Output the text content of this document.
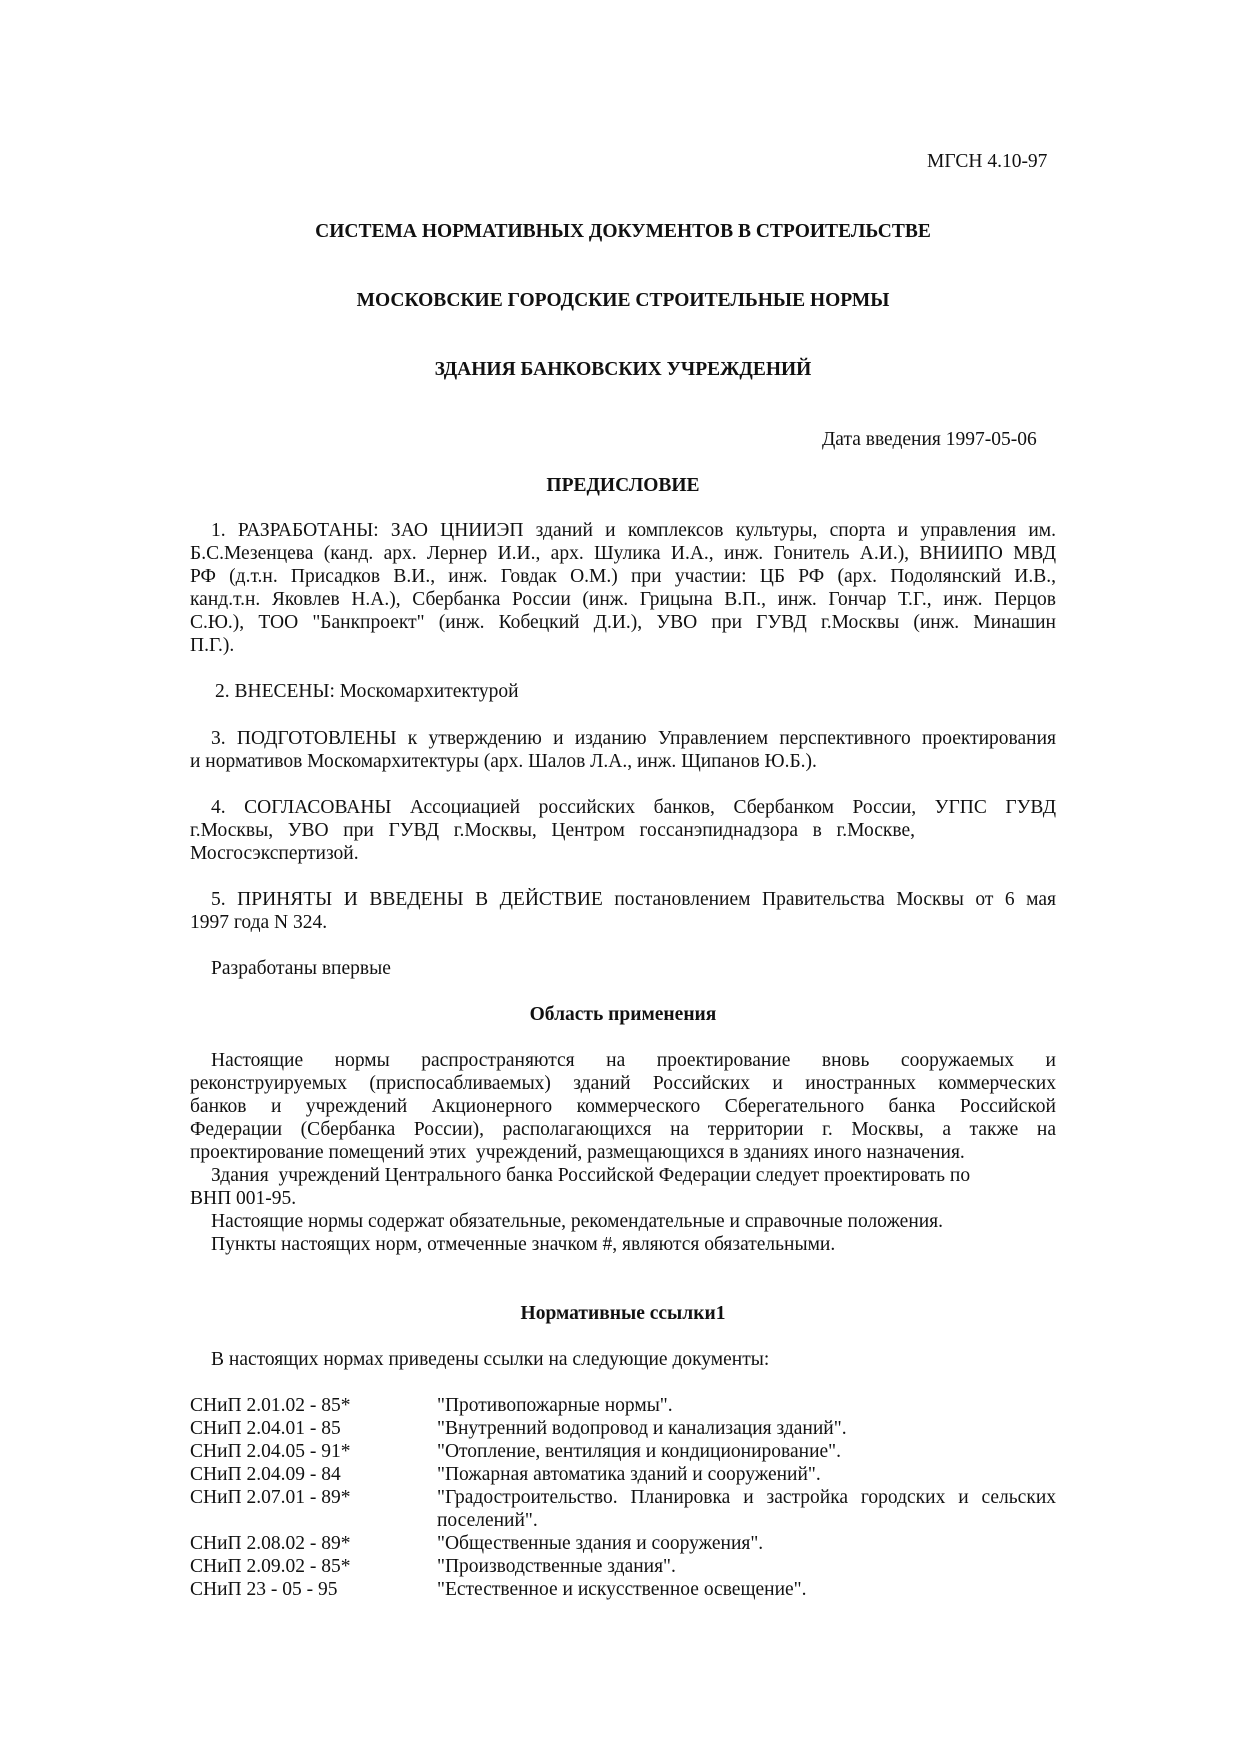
МГСН 4.10-97
СИСТЕМА НОРМАТИВНЫХ ДОКУМЕНТОВ В СТРОИТЕЛЬСТВЕ
МОСКОВСКИЕ ГОРОДСКИЕ СТРОИТЕЛЬНЫЕ НОРМЫ
ЗДАНИЯ БАНКОВСКИХ УЧРЕЖДЕНИЙ
Дата введения 1997-05-06
ПРЕДИСЛОВИЕ
1. РАЗРАБОТАНЫ: ЗАО ЦНИИЭП зданий и комплексов культуры, спорта и управления им.
Б.С.Мезенцева (канд. арх. Лернер И.И., арх. Шулика И.А., инж. Гонитель А.И.), ВНИИПО МВД
РФ (д.т.н. Присадков В.И., инж. Говдак О.М.) при участии: ЦБ РФ (арх. Подолянский И.В.,
канд.т.н. Яковлев Н.А.), Сбербанка России (инж. Грицына В.П., инж. Гончар Т.Г., инж. Перцов
С.Ю.), ТОО "Банкпроект" (инж. Кобецкий Д.И.), УВО при ГУВД г.Москвы (инж. Минашин
П.Г.).
2. ВНЕСЕНЫ: Москомархитектурой
3. ПОДГОТОВЛЕНЫ к утверждению и изданию Управлением перспективного проектирования
и нормативов Москомархитектуры (арх. Шалов Л.А., инж. Щипанов Ю.Б.).
4. СОГЛАСОВАНЫ Ассоциацией российских банков, Сбербанком России, УГПС ГУВД
г.Москвы,   УВО   при   ГУВД   г.Москвы,   Центром   госсанэпиднадзора   в   г.Москве,
Мосгосэкспертизой.
5. ПРИНЯТЫ И ВВЕДЕНЫ В ДЕЙСТВИЕ постановлением Правительства Москвы от 6 мая
1997 года N 324.
Разработаны впервые
Область применения
Настоящие нормы распространяются на проектирование вновь сооружаемых и
реконструируемых (приспосабливаемых) зданий Российских и иностранных коммерческих
банков и учреждений Акционерного коммерческого Сберегательного банка Российской
Федерации (Сбербанка России), располагающихся на территории г. Москвы, а также на
проектирование помещений этих  учреждений, размещающихся в зданиях иного назначения.
Здания  учреждений Центрального банка Российской Федерации следует проектировать по
ВНП 001-95.
Настоящие нормы содержат обязательные, рекомендательные и справочные положения.
Пункты настоящих норм, отмеченные значком #, являются обязательными.
Нормативные ссылки1
В настоящих нормах приведены ссылки на следующие документы:
СНиП 2.01.02 - 85*	"Противопожарные нормы".
СНиП 2.04.01 - 85	"Внутренний водопровод и канализация зданий".
СНиП 2.04.05 - 91*	"Отопление, вентиляция и кондиционирование".
СНиП 2.04.09 - 84	"Пожарная автоматика зданий и сооружений".
СНиП 2.07.01 - 89*	"Градостроительство. Планировка и застройка городских и сельских
поселений".
СНиП 2.08.02 - 89*	"Общественные здания и сооружения".
СНиП 2.09.02 - 85*	"Производственные здания".
СНиП 23 - 05 - 95	"Естественное и искусственное освещение".
